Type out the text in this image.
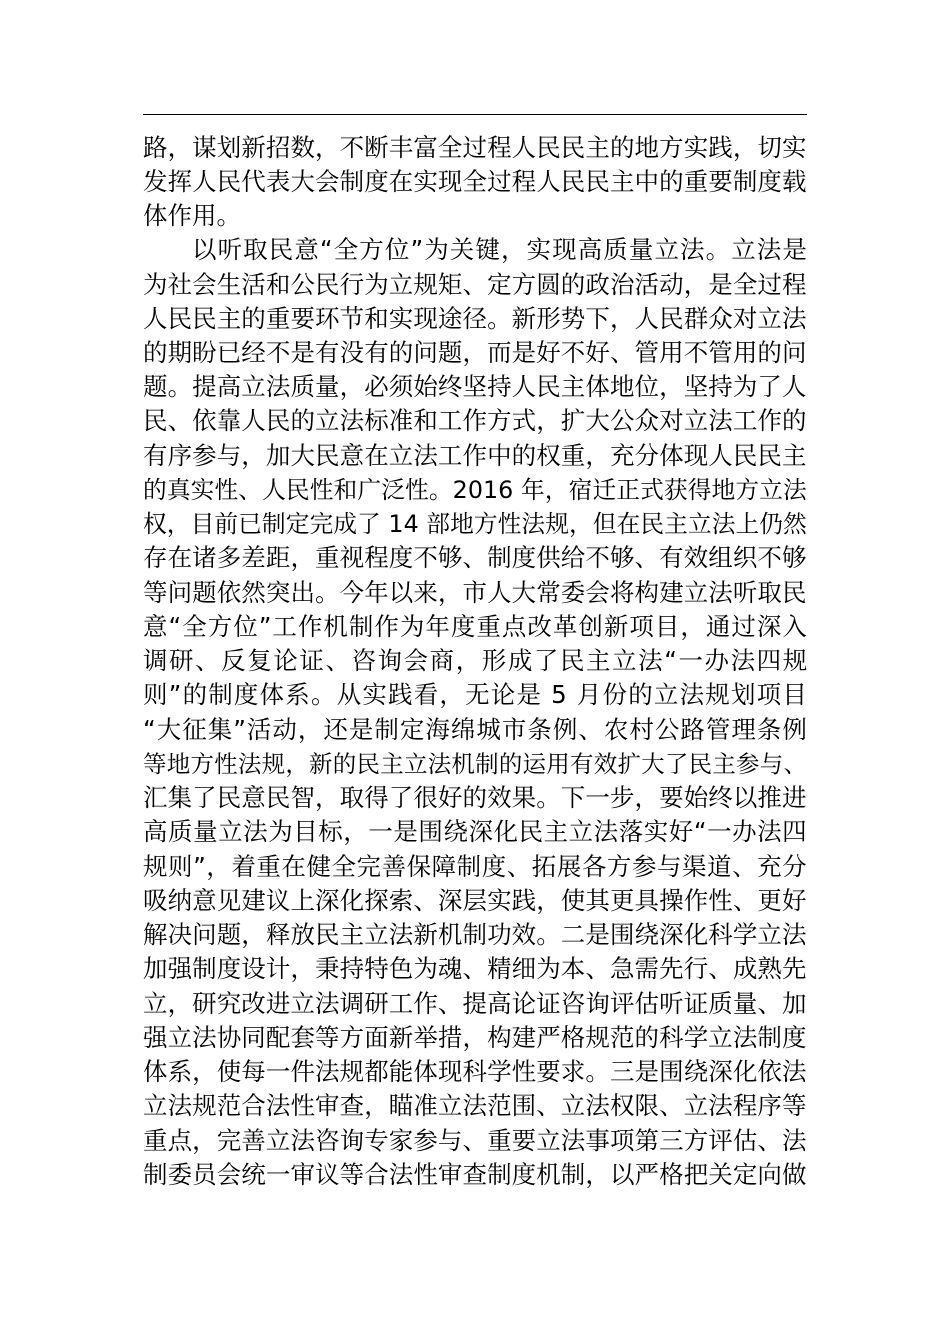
路，谋划新招数，不断丰富全过程人民民主的地方实践，切实
发挥人民代表大会制度在实现全过程人民民主中的重要制度载
体作用。
以听取民意“全方位”为关键，实现高质量立法。立法是
为社会生活和公民行为立规矩、定方圆的政治活动，是全过程
人民民主的重要环节和实现途径。新形势下，人民群众对立法
的期盼已经不是有没有的问题，而是好不好、管用不管用的问
题。提高立法质量，必须始终坚持人民主体地位，坚持为了人
民、依靠人民的立法标准和工作方式，扩大公众对立法工作的
有序参与，加大民意在立法工作中的权重，充分体现人民民主
的真实性、人民性和广泛性。2016 年，宿迁正式获得地方立法
权，目前已制定完成了 14 部地方性法规，但在民主立法上仍然
存在诸多差距，重视程度不够、制度供给不够、有效组织不够
等问题依然突出。今年以来，市人大常委会将构建立法听取民
意“全方位”工作机制作为年度重点改革创新项目，通过深入
调研、反复论证、咨询会商，形成了民主立法“一办法四规
则”的制度体系。从实践看，无论是 5 月份的立法规划项目
“大征集”活动，还是制定海绵城市条例、农村公路管理条例
等地方性法规，新的民主立法机制的运用有效扩大了民主参与、
汇集了民意民智，取得了很好的效果。下一步，要始终以推进
高质量立法为目标，一是围绕深化民主立法落实好“一办法四
规则”，着重在健全完善保障制度、拓展各方参与渠道、充分
吸纳意见建议上深化探索、深层实践，使其更具操作性、更好
解决问题，释放民主立法新机制功效。二是围绕深化科学立法
加强制度设计，秉持特色为魂、精细为本、急需先行、成熟先
立，研究改进立法调研工作、提高论证咨询评估听证质量、加
强立法协同配套等方面新举措，构建严格规范的科学立法制度
体系，使每一件法规都能体现科学性要求。三是围绕深化依法
立法规范合法性审查，瞄准立法范围、立法权限、立法程序等
重点，完善立法咨询专家参与、重要立法事项第三方评估、法
制委员会统一审议等合法性审查制度机制，以严格把关定向做
